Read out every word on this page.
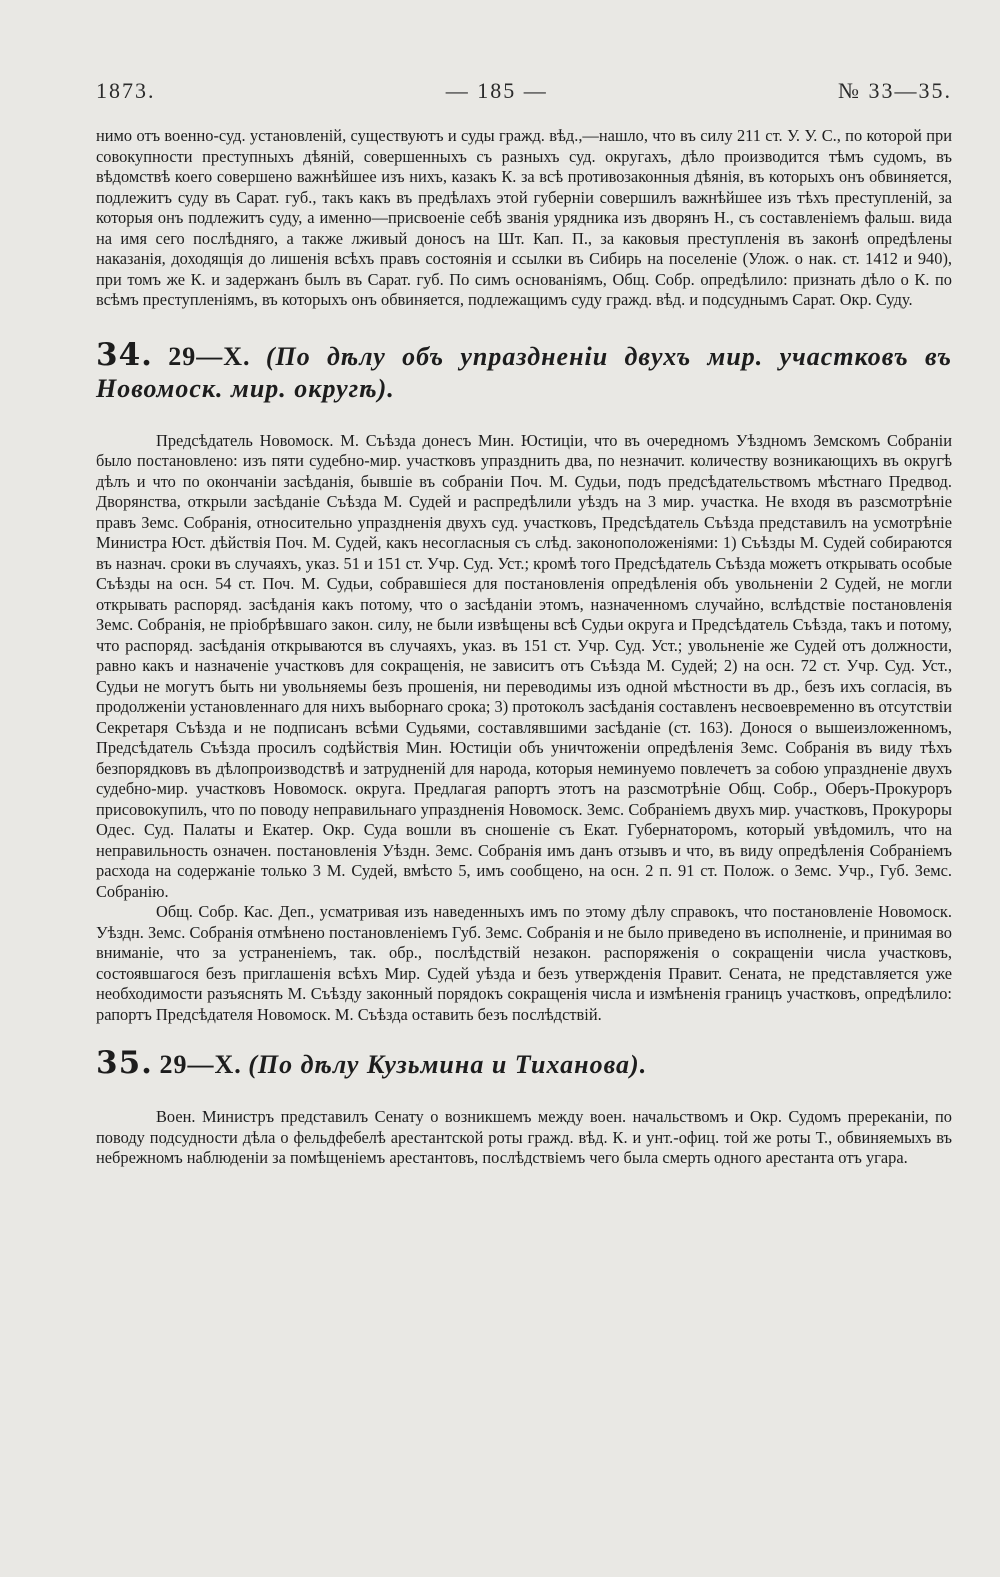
1873.	— 185 —	№ 33—35.

нимо отъ военно-суд. установленiй, существуютъ и суды гражд. вѣд.,—нашло, что въ силу 211 ст. У. У. С., по которой при совокупности преступныхъ дѣянiй, совершенныхъ съ разныхъ суд. округахъ, дѣло производится тѣмъ судомъ, въ вѣдомствѣ коего совершено важнѣйшее изъ нихъ, казакъ К. за всѣ противозаконныя дѣянiя, въ которыхъ онъ обвиняется, подлежитъ суду въ Сарат. губ., такъ какъ въ предѣлахъ этой губернiи совершилъ важнѣйшее изъ тѣхъ преступленiй, за которыя онъ подлежитъ суду, а именно—присвоенiе себѣ званiя урядника изъ дворянъ Н., съ составленiемъ фальш. вида на имя сего послѣдняго, а также лживый доносъ на Шт. Кап. П., за каковыя преступленiя въ законѣ опредѣлены наказанiя, доходящiя до лишенiя всѣхъ правъ состоянiя и ссылки въ Сибирь на поселенiе (Улож. о нак. ст. 1412 и 940), при томъ же К. и задержанъ былъ въ Сарат. губ. По симъ основанiямъ, Общ. Собр. опредѣлило: признать дѣло о К. по всѣмъ преступленiямъ, въ которыхъ онъ обвиняется, подлежащимъ суду гражд. вѣд. и подсуднымъ Сарат. Окр. Суду.

34. 29—X. (По дѣлу объ упраздненiи двухъ мир. участковъ въ Новомоск. мир. округѣ).

Предсѣдатель Новомоск. М. Съѣзда донесъ Мин. Юстицiи, что въ очередномъ Уѣздномъ Земскомъ Собранiи было постановлено: изъ пяти судебно-мир. участковъ упразднить два, по незначит. количеству возникающихъ въ округѣ дѣлъ и что по окончанiи засѣданiя, бывшiе въ собранiи Поч. М. Судьи, подъ предсѣдательствомъ мѣстнаго Предвод. Дворянства, открыли засѣданiе Съѣзда М. Судей и распредѣлили уѣздъ на 3 мир. участка. Не входя въ разсмотрѣнiе правъ Земс. Собранiя, относительно упраздненiя двухъ суд. участковъ, Предсѣдатель Съѣзда представилъ на усмотрѣнiе Министра Юст. дѣйствiя Поч. М. Судей, какъ несогласныя съ слѣд. законоположенiями: 1) Съѣзды М. Судей собираются въ назнач. сроки въ случаяхъ, указ. 51 и 151 ст. Учр. Суд. Уст.; кромѣ того Предсѣдатель Съѣзда можетъ открывать особые Съѣзды на осн. 54 ст. Поч. М. Судьи, собравшiеся для постановленiя опредѣленiя объ увольненiи 2 Судей, не могли открывать распоряд. засѣданiя какъ потому, что о засѣданiи этомъ, назначенномъ случайно, вслѣдствiе постановленiя Земс. Собранiя, не прiобрѣвшаго закон. силу, не были извѣщены всѣ Судьи округа и Предсѣдатель Съѣзда, такъ и потому, что распоряд. засѣданiя открываются въ случаяхъ, указ. въ 151 ст. Учр. Суд. Уст.; увольненiе же Судей отъ должности, равно какъ и назначенiе участковъ для сокращенiя, не зависитъ отъ Съѣзда М. Судей; 2) на осн. 72 ст. Учр. Суд. Уст., Судьи не могутъ быть ни увольняемы безъ прошенiя, ни переводимы изъ одной мѣстности въ др., безъ ихъ согласiя, въ продолженiи установленнаго для нихъ выборнаго срока; 3) протоколъ засѣданiя составленъ несвоевременно въ отсутствiи Секретаря Съѣзда и не подписанъ всѣми Судьями, составлявшими засѣданiе (ст. 163). Донося о вышеизложенномъ, Предсѣдатель Съѣзда просилъ содѣйствiя Мин. Юстицiи объ уничтоженiи опредѣленiя Земс. Собранiя въ виду тѣхъ безпорядковъ въ дѣлопроизводствѣ и затрудненiй для народа, которыя неминуемо повлечетъ за собою упраздненiе двухъ судебно-мир. участковъ Новомоск. округа. Предлагая рапортъ этотъ на разсмотрѣнiе Общ. Собр., Оберъ-Прокуроръ присовокупилъ, что по поводу неправильнаго упраздненiя Новомоск. Земс. Собранiемъ двухъ мир. участковъ, Прокуроры Одес. Суд. Палаты и Екатер. Окр. Суда вошли въ сношенiе съ Екат. Губернаторомъ, который увѣдомилъ, что на неправильность означен. постановленiя Уѣздн. Земс. Собранiя имъ данъ отзывъ и что, въ виду опредѣленiя Собранiемъ расхода на содержанiе только 3 М. Судей, вмѣсто 5, имъ сообщено, на осн. 2 п. 91 ст. Полож. о Земс. Учр., Губ. Земс. Собранiю.

Общ. Собр. Кас. Деп., усматривая изъ наведенныхъ имъ по этому дѣлу справокъ, что постановленiе Новомоск. Уѣздн. Земс. Собранiя отмѣнено постановленiемъ Губ. Земс. Собранiя и не было приведено въ исполненiе, и принимая во вниманiе, что за устраненiемъ, так. обр., послѣдствiй незакон. распоряженiя о сокращенiи числа участковъ, состоявшагося безъ приглашенiя всѣхъ Мир. Судей уѣзда и безъ утвержденiя Правит. Сената, не представляется уже необходимости разъяснять М. Съѣзду законный порядокъ сокращенiя числа и измѣненiя границъ участковъ, опредѣлило: рапортъ Предсѣдателя Новомоск. М. Съѣзда оставить безъ послѣдствiй.

35. 29—X. (По дѣлу Кузьмина и Тиханова).

Воен. Министръ представилъ Сенату о возникшемъ между воен. начальствомъ и Окр. Судомъ пререканiи, по поводу подсудности дѣла о фельдфебелѣ арестантской роты гражд. вѣд. К. и унт.-офиц. той же роты Т., обвиняемыхъ въ небрежномъ наблюденiи за помѣщенiемъ арестантовъ, послѣдствiемъ чего была смерть одного арестанта отъ угара.
